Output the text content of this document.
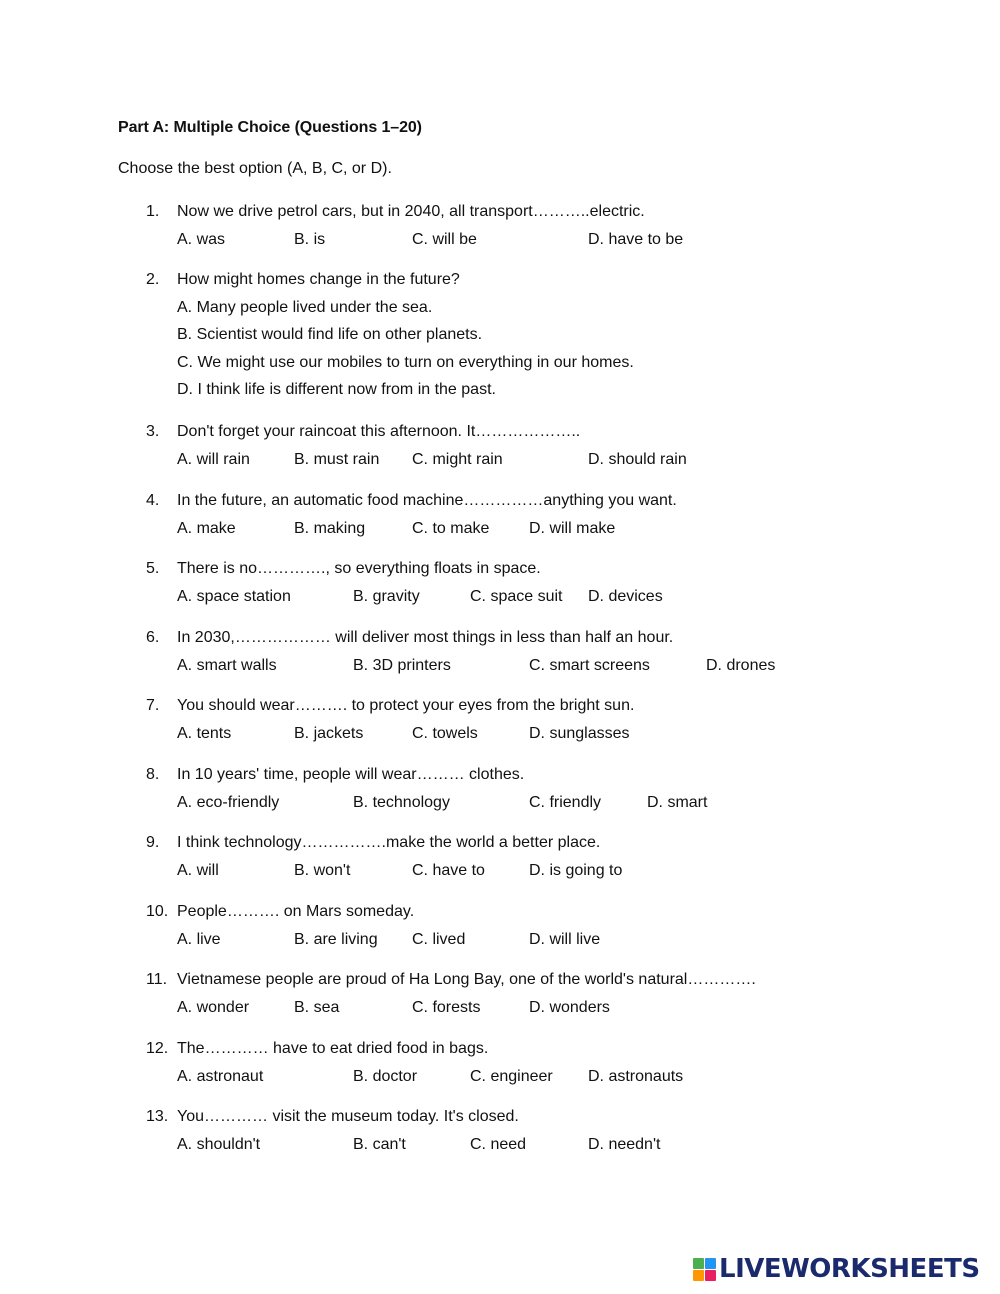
Part A: Multiple Choice (Questions 1–20)
Choose the best option (A, B, C, or D).
1. Now we drive petrol cars, but in 2040, all transport………..electric.
A. was	B. is	C. will be	D. have to be
2. How might homes change in the future?
A. Many people lived under the sea.
B. Scientist would find life on other planets.
C. We might use our mobiles to turn on everything in our homes.
D. I think life is different now from in the past.
3. Don't forget your raincoat this afternoon. It………………..
A. will rain	B. must rain C. might rain	D. should rain
4. In the future, an automatic food machine……………anything you want.
A. make	B. making	C. to make D. will make
5. There is no…………., so everything floats in space.
A. space station	B. gravity	C. space suit D. devices
6. In 2030,……………… will deliver most things in less than half an hour.
A. smart walls	B. 3D printers	C. smart screens	D. drones
7. You should wear………. to protect your eyes from the bright sun.
A. tents	B. jackets	C. towels	D. sunglasses
8. In 10 years' time, people will wear……… clothes.
A. eco-friendly	B. technology	C. friendly	D. smart
9. I think technology…………….make the world a better place.
A. will	B. won't	C. have to	D. is going to
10. People………. on Mars someday.
A. live	B. are living C. lived	D. will live
11. Vietnamese people are proud of Ha Long Bay, one of the world's natural………….
A. wonder	B. sea	C. forests	D. wonders
12. The………… have to eat dried food in bags.
A. astronaut	B. doctor	C. engineer D. astronauts
13. You………… visit the museum today. It's closed.
A. shouldn't	B. can't	C. need	D. needn't
LIVEWORKSHEETS
